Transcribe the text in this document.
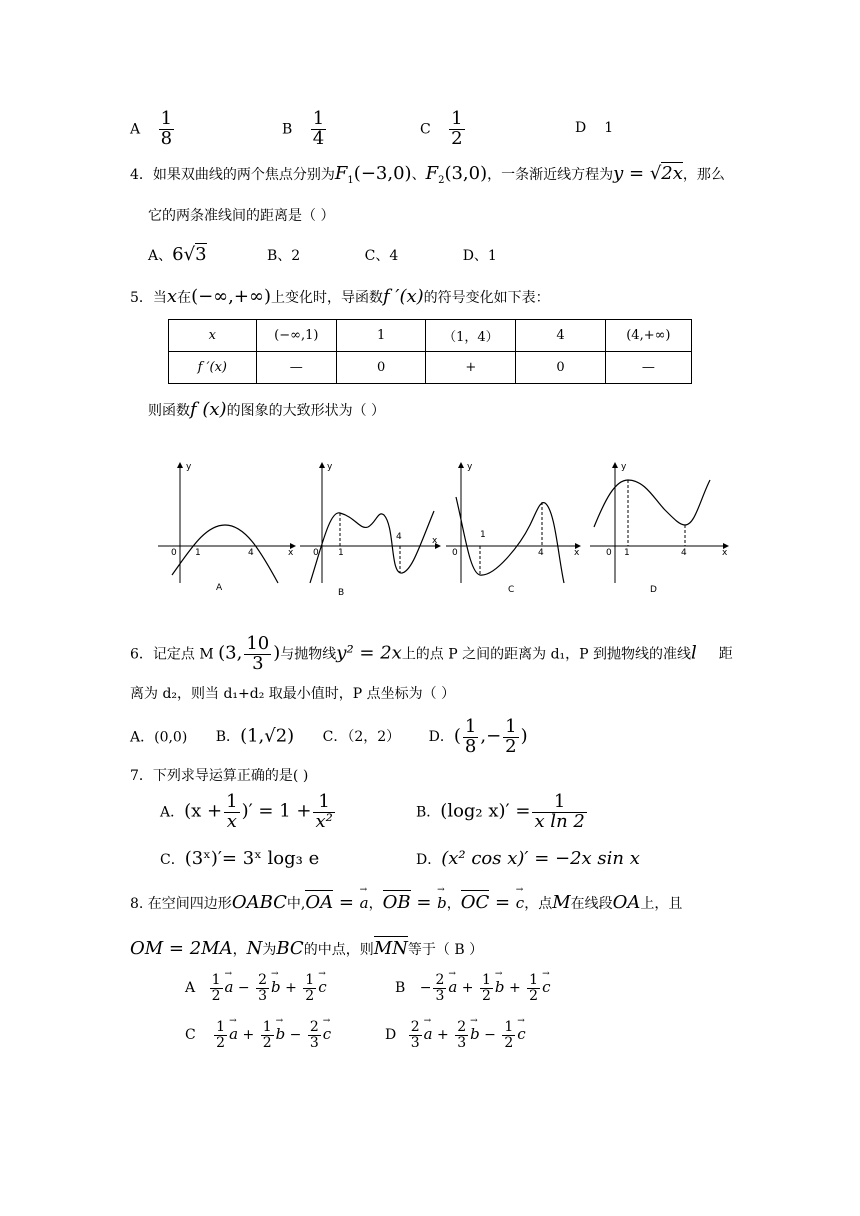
A $\frac{1}{8}$	B $\frac{1}{4}$	C $\frac{1}{2}$	D 1
4．如果双曲线的两个焦点分别为$F_1(-3,0)$、$F_2(3,0)$，一条渐近线方程为y = √2x，那么
它的两条准线间的距离是（ ）
A、6√3	B、2	C、4	D、1
5．当x在(−∞,+∞)上变化时，导函数f ′(x)的符号变化如下表：
x	(−∞,1)	1	（1，4）	4	(4,+∞)
f ′(x)	—	0	+	0	—
则函数f (x)的图象的大致形状为（ ）
y
x
0 1	4
A
y
x
0 1
4
B
y
x
0
1
4
C
y
x
0 1	4
D
6．记定点 M (3, $\frac{10}{3}$ )与抛物线y² = 2x上的点 P 之间的距离为 d₁，P 到抛物线的准线l 距
离为 d₂，则当 d₁+d₂ 取最小值时，P 点坐标为（ ）
A．(0,0) B．(1,√2) C．（2，2） D．( $\frac{1}{8}$ ,− $\frac{1}{2}$ )
7．下列求导运算正确的是( )
A．($x + \frac{1}{x}$ )′ = $1 + \frac{1}{\text{x²}}$	B．(log₂ $x)' = \frac{1}{\text{x ln 2}}$
C．(3ˣ)′= 3ˣ log₃ e	D．(x² cos x)′ = −2x sin x
8. 在空间四边形OABC中,OA = → a，OB = → b，OC = → c，点M在线段OA上，且
OM = 2MA，N为BC的中点，则MN等于（ B ）
A $\frac{1}{2} \to a - \frac{2}{3} \to b + \frac{1}{2} \to c$	$B - \frac{2}{3} \to a + \frac{1}{2} \to b + \frac{1}{2} \to c$
C $\frac{1}{2} \to a + \frac{1}{2} \to b - \frac{2}{3} \to c$	D $\frac{2}{3} \to a + \frac{2}{3} \to b - \frac{1}{2} \to c$
